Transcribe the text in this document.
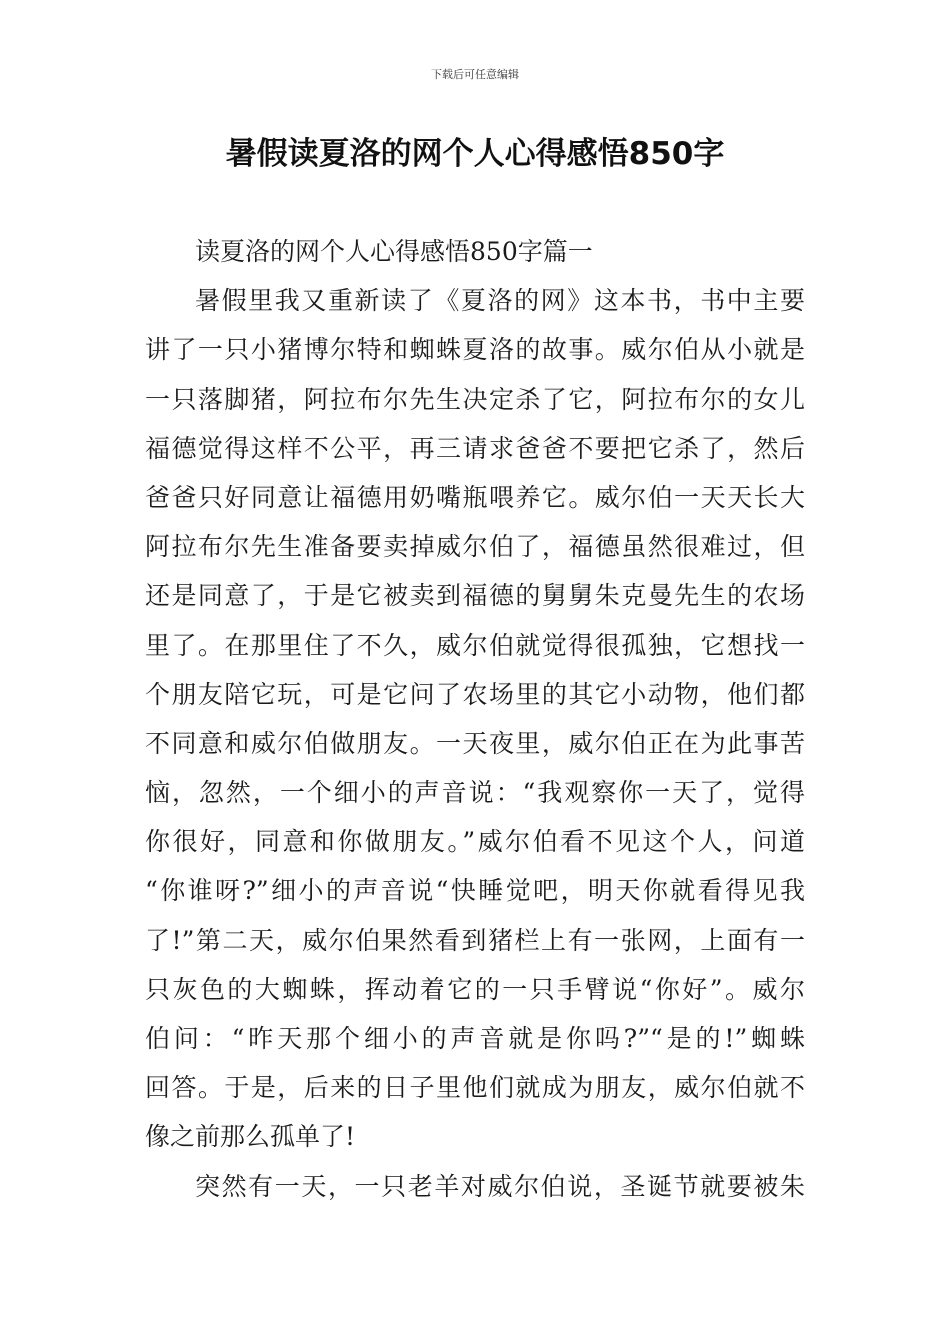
下载后可任意编辑
暑假读夏洛的网个人心得感悟850字

读夏洛的网个人心得感悟850字篇一

暑假里我又重新读了《夏洛的网》这本书，书中主要

讲了一只小猪博尔特和蜘蛛夏洛的故事。威尔伯从小就是

一只落脚猪，阿拉布尔先生决定杀了它，阿拉布尔的女儿

福德觉得这样不公平，再三请求爸爸不要把它杀了，然后

爸爸只好同意让福德用奶嘴瓶喂养它。威尔伯一天天长大

阿拉布尔先生准备要卖掉威尔伯了，福德虽然很难过，但

还是同意了，于是它被卖到福德的舅舅朱克曼先生的农场

里了。在那里住了不久，威尔伯就觉得很孤独，它想找一

个朋友陪它玩，可是它问了农场里的其它小动物，他们都

不同意和威尔伯做朋友。一天夜里，威尔伯正在为此事苦

恼，忽然，一个细小的声音说：“我观察你一天了，觉得

你很好，同意和你做朋友。”威尔伯看不见这个人，问道

“你谁呀?”细小的声音说“快睡觉吧，明天你就看得见我

了!”第二天，威尔伯果然看到猪栏上有一张网，上面有一

只灰色的大蜘蛛，挥动着它的一只手臂说“你好”。威尔

伯问：“昨天那个细小的声音就是你吗?”“是的!”蜘蛛

回答。于是，后来的日子里他们就成为朋友，威尔伯就不

像之前那么孤单了!

突然有一天，一只老羊对威尔伯说，圣诞节就要被朱
